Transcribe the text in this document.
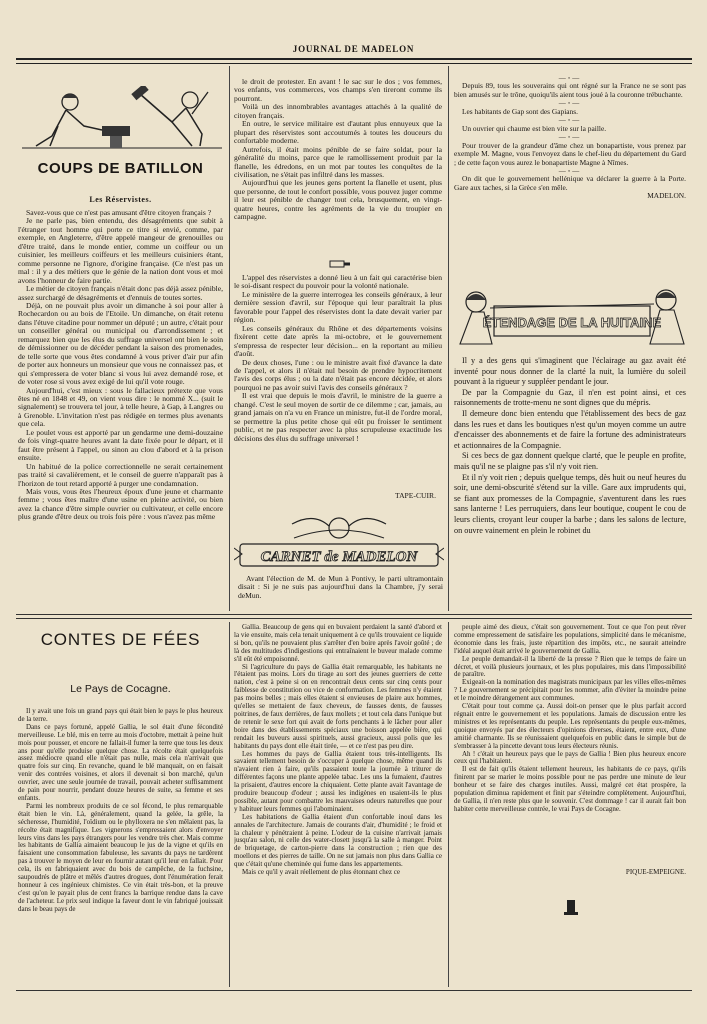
JOURNAL DE MADELON
COUPS DE BATILLON
Les Réservistes.

Savez-vous que ce n'est pas amusant d'être citoyen français ?

Je ne parle pas, bien entendu, des désagréments que subit à l'étranger tout homme qui porte ce titre si envié, comme, par exemple, en Angleterre, d'être appelé mangeur de grenouilles ou d'être traité, dans le monde entier, comme un coiffeur ou un cuisinier, les meilleurs coiffeurs et les meilleurs cuisiniers étant, comme personne ne l'ignore, d'origine française. (Ce n'est pas un mal : il y a des métiers que le génie de la nation dont vous et moi avons l'honneur de faire partie.

Le métier de citoyen français n'était donc pas déjà assez pénible, assez surchargé de désagréments et d'ennuis de toutes sortes.

Déjà, on ne pouvait plus avoir un dimanche à soi pour aller à Rochecardon ou au bois de l'Etoile. Un dimanche, on était retenu dans l'étuve citadine pour nommer un député ; un autre, c'était pour un conseiller général ou municipal ou d'arrondissement ; et remarquez bien que les élus du suffrage universel ont bien le soin de démissionner ou de décéder pendant la saison des promenades, de telle sorte que vous êtes condamné à vous priver d'air pur afin de porter aux honneurs un monsieur que vous ne connaissez pas, et qui s'empressera de voter blanc si vous lui avez demandé rose, et de voter rose si vous avez exigé de lui qu'il vote rouge.

Aujourd'hui, c'est mieux : sous le fallacieux prétexte que vous êtes né en 1848 et 49, on vient vous dire : le nommé X... (suit le signalement) se trouvera tel jour, à telle heure, à Gap, à Langres ou à Grenoble. L'invitation n'est pas rédigée en termes plus avenants que cela.

Le poulet vous est apporté par un gendarme une demi-douzaine de fois vingt-quatre heures avant la date fixée pour le départ, et il faut être présent à l'appel, ou sinon au clou d'abord et à la prison ensuite.

Un habitué de la police correctionnelle ne serait certainement pas traité si cavalièrement, et le conseil de guerre n'apparaît pas à l'horizon de tout retard apporté à purger une condamnation.

Mais vous, vous êtes l'heureux époux d'une jeune et charmante femme ; vous êtes maître d'une usine en pleine activité, ou bien avez la chance d'être simple ouvrier ou cultivateur, et celle encore plus grande d'être deux ou trois fois père : vous n'avez pas même

le droit de protester. En avant ! le sac sur le dos ; vos femmes, vos enfants, vos commerces, vos champs s'en tireront comme ils pourront.

Voilà un des innombrables avantages attachés à la qualité de citoyen français.

En outre, le service militaire est d'autant plus ennuyeux que la plupart des réservistes sont accoutumés à toutes les douceurs du confortable moderne.

Autrefois, il était moins pénible de se faire soldat, pour la généralité du moins, parce que le ramollissement produit par la flanelle, les édredons, en un mot par toutes les conquêtes de la civilisation, ne s'était pas infiltré dans les masses.

Aujourd'hui que les jeunes gens portent la flanelle et usent, plus que personne, de tout le confort possible, vous pouvez juger comme il leur est pénible de changer tout cela, brusquement, en vingt-quatre heures, contre les agréments de la vie du troupier en campagne.

L'appel des réservistes a donné lieu à un fait qui caractérise bien le soi-disant respect du pouvoir pour la volonté nationale.

Le ministère de la guerre interrogea les conseils généraux, à leur dernière session d'avril, sur l'époque qui leur paraîtrait la plus favorable pour l'appel des réservistes dont la date devait varier par région.

Les conseils généraux du Rhône et des départements voisins fixèrent cette date après la mi-octobre, et le gouvernement s'empressa de respecter leur décision... en la reportant au milieu d'août.

De deux choses, l'une : ou le ministre avait fixé d'avance la date de l'appel, et alors il n'était nul besoin de prendre hypocritement l'avis des corps élus ; ou la date n'était pas encore décidée, et alors pourquoi ne pas avoir suivi l'avis des conseils généraux ?

Il est vrai que depuis le mois d'avril, le ministre de la guerre a changé. C'est le seul moyen de sortir de ce dilemme ; car, jamais, au grand jamais on n'a vu en France un ministre, fut-il de l'ordre moral, se permettre la plus petite chose qui eût pu froisser le sentiment public, et ne pas respecter avec la plus scrupuleuse exactitude les décisions des élus du suffrage universel !

TAPE-CUIR.
CARNET de MADELON

Avant l'élection de M. de Mun à Pontivy, le parti ultramontain disait : Si je ne suis pas aujourd'hui dans la Chambre, j'y serai deMun.

—◦—

Depuis 89, tous les souverains qui ont régné sur la France ne se sont pas bien amusés sur le trône, quoiqu'ils aient tous joué à la couronne trébuchante.

—◦—

Les habitants de Gap sont des Gapians.

—◦—

Un ouvrier qui chaume est bien vite sur la paille.

—◦—

Pour trouver de la grandeur d'âme chez un bonapartiste, vous prenez par exemple M. Magne, vous l'envoyez dans le chef-lieu du département du Gard ; de cette façon vous aurez le bonapartiste Magne à Nîmes.

—◦—

On dit que le gouvernement hellénique va déclarer la guerre à la Porte. Gare aux taches, si la Grèce s'en mêle.

MADELON.
ÉTENDAGE DE LA HUITAINE

Il y a des gens qui s'imaginent que l'éclairage au gaz avait été inventé pour nous donner de la clarté la nuit, la lumière du soleil pouvant à la rigueur y suppléer pendant le jour.

De par la Compagnie du Gaz, il n'en est point ainsi, et ces raisonnements de trotte-menu ne sont dignes que du mépris.

Il demeure donc bien entendu que l'établissement des becs de gaz dans les rues et dans les boutiques n'est qu'un moyen comme un autre d'encaisser des abonnements et de faire la fortune des administrateurs et actionnaires de la Compagnie.

Si ces becs de gaz donnent quelque clarté, que le peuple en profite, mais qu'il ne se plaigne pas s'il n'y voit rien.

Et il n'y voit rien ; depuis quelque temps, dès huit ou neuf heures du soir, une demi-obscurité s'étend sur la ville. Gare aux imprudents qui, se fiant aux promesses de la Compagnie, s'aventurent dans les rues sans lanterne ! Les perruquiers, dans leur boutique, coupent le cou de leurs clients, croyant leur couper la barbe ; dans les salons de lecture, on ouvre vainement en plein le robinet du

CONTES DE FÉES
Le Pays de Cocagne.

Il y avait une fois un grand pays qui était bien le pays le plus heureux de la terre.

Dans ce pays fortuné, appelé Gallia, le sol était d'une fécondité merveilleuse. Le blé, mis en terre au mois d'octobre, mettait à peine huit mois pour pousser, et encore ne fallait-il fumer la terre que tous les deux ans pour qu'elle produise quelque chose. La récolte était quelquefois assez médiocre quand elle n'était pas nulle, mais cela n'arrivait que quatre fois sur cinq. En revanche, quand le blé manquait, on en faisait venir des contrées voisines, et alors il devenait si bon marché, qu'un ouvrier, avec une seule journée de travail, pouvait acheter suffisamment de pain pour nourrir, pendant douze heures de suite, sa femme et ses enfants.

Parmi les nombreux produits de ce sol fécond, le plus remarquable était bien le vin. Là, généralement, quand la gelée, la grêle, la sécheresse, l'humidité, l'oïdium ou le phylloxera ne s'en mêlaient pas, la récolte était magnifique. Les vignerons s'empressaient alors d'envoyer leurs vins dans les pays étrangers pour les vendre très cher. Mais comme les habitants de Gallia aimaient beaucoup le jus de la vigne et qu'ils en faisaient une consommation fabuleuse, les savants du pays ne tardèrent pas à trouver le moyen de leur en fournir autant qu'il leur en fallait. Pour cela, ils en fabriquaient avec du bois de campêche, de la fuchsine, saupoudrés de plâtre et mêlés d'autres drogues, dont l'énumération ferait honneur à ces ingénieux chimistes. Ce vin était très-bon, et la preuve c'est qu'on le payait plus de cent francs la barrique rendue dans la cave de l'acheteur. Le prix seul indique la faveur dont le vin fabriqué jouissait dans le beau pays de

Gallia. Beaucoup de gens qui en buvaient perdaient la santé d'abord et la vie ensuite, mais cela tenait uniquement à ce qu'ils trouvaient ce liquide si bon, qu'ils ne pouvaient plus s'arrêter d'en boire après l'avoir goûté ; de là des multitudes d'indigestions qui entraînaient le buveur malade comme s'il eût été empoisonné.

Si l'agriculture du pays de Gallia était remarquable, les habitants ne l'étaient pas moins. Lors du tirage au sort des jeunes guerriers de cette nation, c'est à peine si on en rencontrait deux cents sur cinq cents pour faiblesse de constitution ou vice de conformation. Les femmes n'y étaient pas moins belles ; mais elles étaient si envieuses de plaire aux hommes, qu'elles se mettaient de faux cheveux, de fausses dents, de fausses poitrines, de faux derrières, de faux mollets ; et tout cela dans l'unique but de retenir le sexe fort qui avait de forts penchants à le lâcher pour aller boire dans des établissements spéciaux une boisson appelée bière, qui rendait les buveurs aussi spirituels, aussi gracieux, aussi polis que les habitants du pays dont elle était tirée, — et ce n'est pas peu dire.

Les hommes du pays de Gallia étaient tous très-intelligents. Ils savaient tellement besoin de s'occuper à quelque chose, même quand ils n'avaient rien à faire, qu'ils passaient toute la journée à triturer de différentes façons une plante appelée tabac. Les uns la fumaient, d'autres la prisaient, d'autres encore la chiquaient. Cette plante avait l'avantage de produire beaucoup d'odeur ; aussi les indigènes en usaient-ils le plus possible, autant pour combattre les mauvaises odeurs naturelles que pour y habituer leurs femmes qui l'abominaient.

Les habitations de Gallia étaient d'un confortable inouï dans les annales de l'architecture. Jamais de courants d'air, d'humidité ; le froid et la chaleur y pénétraient à peine. L'odeur de la cuisine n'arrivait jamais jusqu'au salon, ni celle des water-closett jusqu'à la salle à manger. Point de briquetage, de carton-pierre dans la construction ; rien que des moellons et des pierres de taille. On ne sut jamais non plus dans Gallia ce que c'était qu'une cheminée qui fume dans les appartements.

Mais ce qu'il y avait réellement de plus étonnant chez ce

peuple aimé des dieux, c'était son gouvernement. Tout ce que l'on peut rêver comme empressement de satisfaire les populations, simplicité dans le mécanisme, économie dans les frais, juste répartition des impôts, etc., ne saurait atteindre l'idéal auquel était arrivé le gouvernement de Gallia.

Le peuple demandait-il la liberté de la presse ? Rien que le temps de faire un décret, et voilà plusieurs journaux, et les plus populaires, mis dans l'impossibilité de paraître.

Exigeait-on la nomination des magistrats municipaux par les villes elles-mêmes ? Le gouvernement se précipitait pour les nommer, afin d'éviter la moindre peine et le moindre dérangement aux communes.

C'était pour tout comme ça. Aussi doit-on penser que le plus parfait accord régnait entre le gouvernement et les populations. Jamais de discussion entre les ministres et les représentants du peuple. Les représentants du peuple eux-mêmes, quoique envoyés par des électeurs d'opinions diverses, étaient, entre eux, d'une amitié charmante. Ils se réunissaient quelquefois en public dans le simple but de s'embrasser à la pincette devant tous leurs électeurs réunis.

Ah ! c'était un heureux pays que le pays de Gallia ! Bien plus heureux encore ceux qui l'habitaient.

Il est de fait qu'ils étaient tellement heureux, les habitants de ce pays, qu'ils finirent par se marier le moins possible pour ne pas perdre une minute de leur bonheur et se faire des charges inutiles. Aussi, malgré cet état prospère, la population diminua rapidement et finit par s'éteindre complètement. Aujourd'hui, de Gallia, il n'en reste plus que le souvenir. C'est dommage ! car il aurait fait bon habiter cette merveilleuse contrée, le vrai Pays de Cocagne.

PIQUE-EMPEIGNE.
